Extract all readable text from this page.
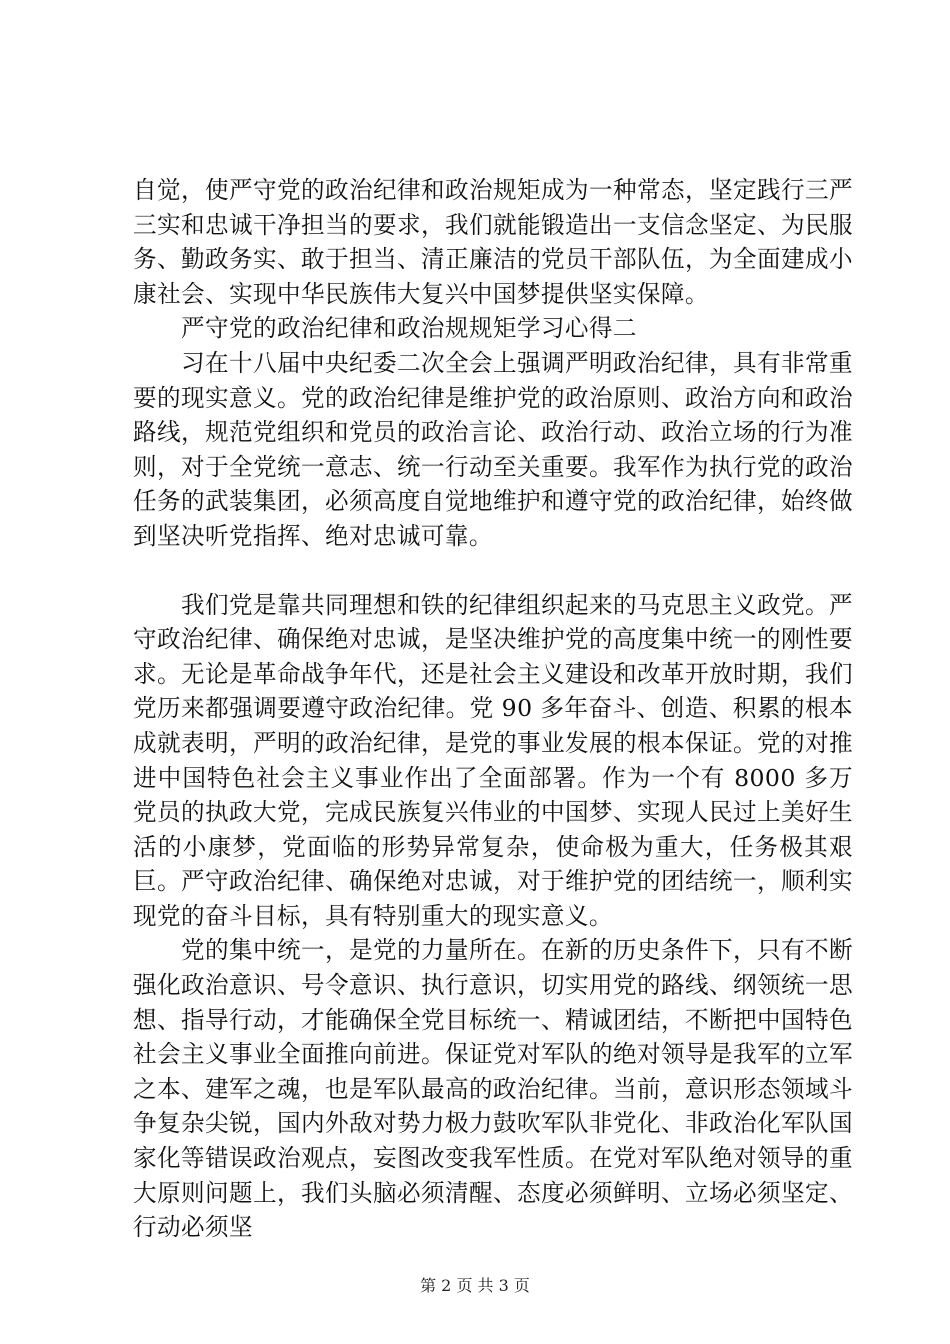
自觉，使严守党的政治纪律和政治规矩成为一种常态，坚定践行三严三实和忠诚干净担当的要求，我们就能锻造出一支信念坚定、为民服务、勤政务实、敢于担当、清正廉洁的党员干部队伍，为全面建成小康社会、实现中华民族伟大复兴中国梦提供坚实保障。

严守党的政治纪律和政治规规矩学习心得二

习在十八届中央纪委二次全会上强调严明政治纪律，具有非常重要的现实意义。党的政治纪律是维护党的政治原则、政治方向和政治路线，规范党组织和党员的政治言论、政治行动、政治立场的行为准则，对于全党统一意志、统一行动至关重要。我军作为执行党的政治任务的武装集团，必须高度自觉地维护和遵守党的政治纪律，始终做到坚决听党指挥、绝对忠诚可靠。

我们党是靠共同理想和铁的纪律组织起来的马克思主义政党。严守政治纪律、确保绝对忠诚，是坚决维护党的高度集中统一的刚性要求。无论是革命战争年代，还是社会主义建设和改革开放时期，我们党历来都强调要遵守政治纪律。党 90 多年奋斗、创造、积累的根本成就表明，严明的政治纪律，是党的事业发展的根本保证。党的对推进中国特色社会主义事业作出了全面部署。作为一个有 8000 多万党员的执政大党，完成民族复兴伟业的中国梦、实现人民过上美好生活的小康梦，党面临的形势异常复杂，使命极为重大，任务极其艰巨。严守政治纪律、确保绝对忠诚，对于维护党的团结统一，顺利实现党的奋斗目标，具有特别重大的现实意义。

党的集中统一，是党的力量所在。在新的历史条件下，只有不断强化政治意识、号令意识、执行意识，切实用党的路线、纲领统一思想、指导行动，才能确保全党目标统一、精诚团结，不断把中国特色社会主义事业全面推向前进。保证党对军队的绝对领导是我军的立军之本、建军之魂，也是军队最高的政治纪律。当前，意识形态领域斗争复杂尖锐，国内外敌对势力极力鼓吹军队非党化、非政治化军队国家化等错误政治观点，妄图改变我军性质。在党对军队绝对领导的重大原则问题上，我们头脑必须清醒、态度必须鲜明、立场必须坚定、行动必须坚

第 2 页 共 3 页
